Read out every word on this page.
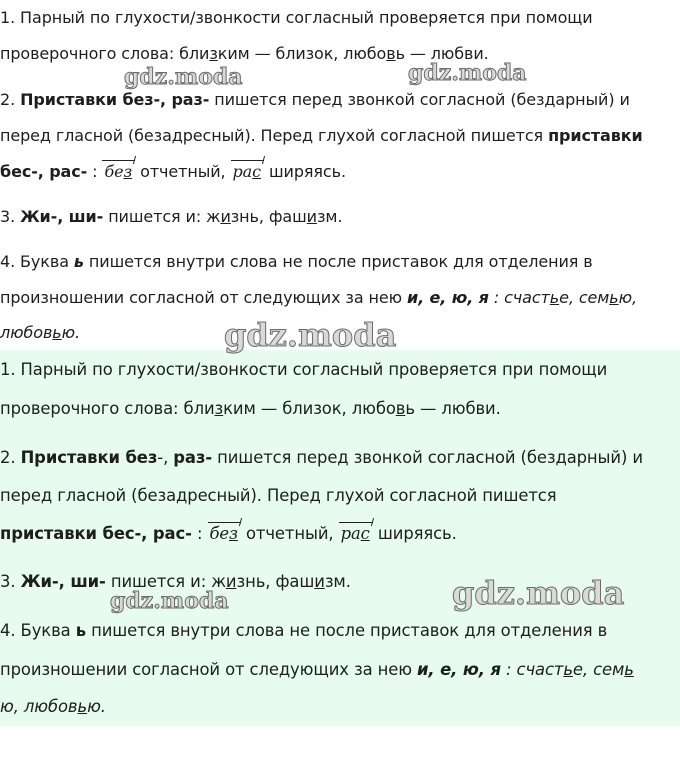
1. Парный по глухости/звонкости согласный проверяется при помощи
проверочного слова: близким — близок, любовь — любви.
2. Приставки без-, раз- пишется перед звонкой согласной (бездарный) и
перед гласной (безадресный). Перед глухой согласной пишется приставки
бес-, рас- : без отчетный, рас ширяясь.
3. Жи-, ши- пишется и: жизнь, фашизм.
4. Буква ь пишется внутри слова не после приставок для отделения в
произношении согласной от следующих за нею и, е, ю, я : счастье, семью,
любовью.
1. Парный по глухости/звонкости согласный проверяется при помощи
проверочного слова: близким — близок, любовь — любви.
2. Приставки без-, раз- пишется перед звонкой согласной (бездарный) и
перед гласной (безадресный). Перед глухой согласной пишется
приставки бес-, рас- : без отчетный, рас ширяясь.
3. Жи-, ши- пишется и: жизнь, фашизм.
4. Буква ь пишется внутри слова не после приставок для отделения в
произношении согласной от следующих за нею и, е, ю, я : счастье, семь
ю, любовью.
gdz.moda	gdz.moda
gdz.moda
gdz.moda	gdz.moda
